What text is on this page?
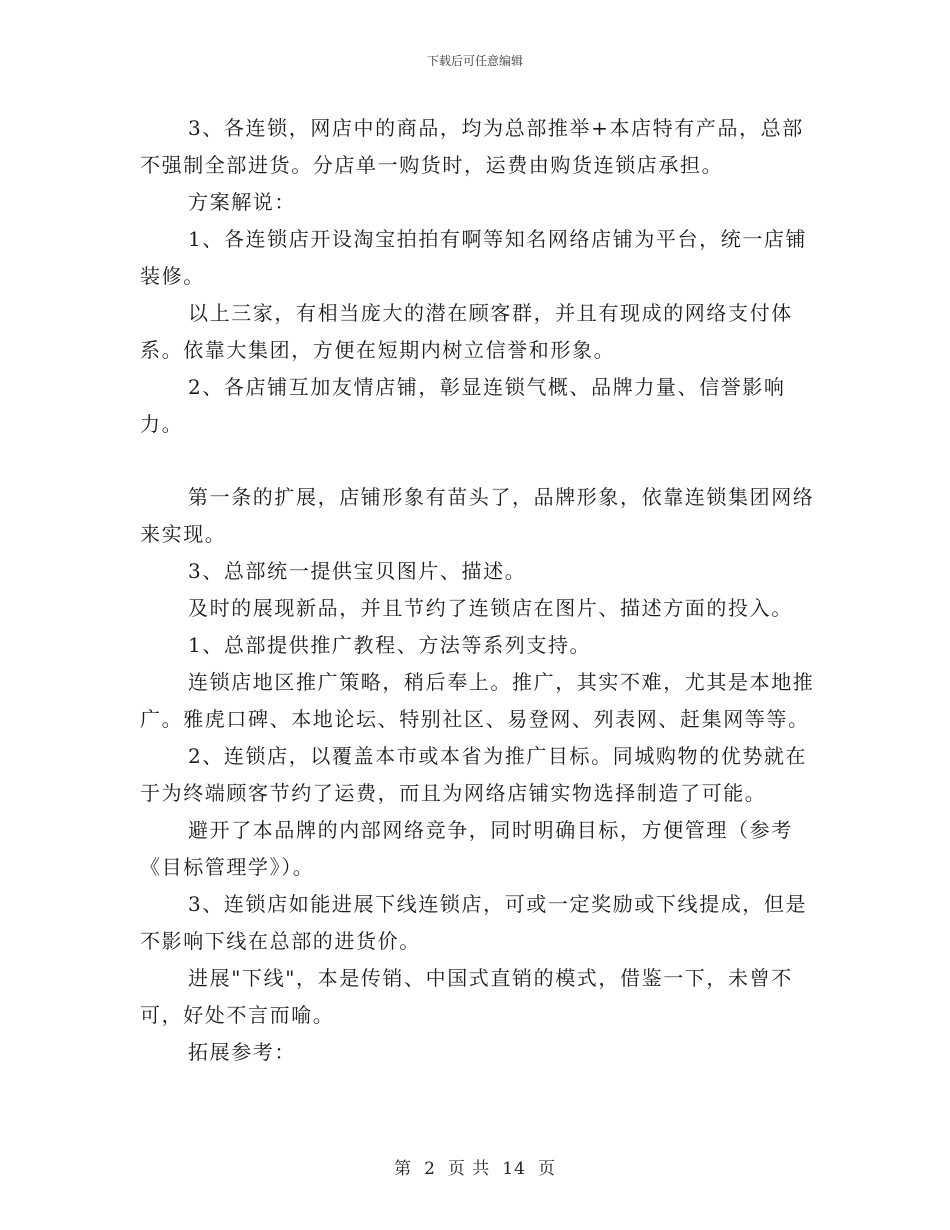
下载后可任意编辑

3、各连锁，网店中的商品，均为总部推举+本店特有产品，总部不强制全部进货。分店单一购货时，运费由购货连锁店承担。

方案解说：

1、各连锁店开设淘宝拍拍有啊等知名网络店铺为平台，统一店铺装修。

以上三家，有相当庞大的潜在顾客群，并且有现成的网络支付体系。依靠大集团，方便在短期内树立信誉和形象。

2、各店铺互加友情店铺，彰显连锁气概、品牌力量、信誉影响力。

第一条的扩展，店铺形象有苗头了，品牌形象，依靠连锁集团网络来实现。

3、总部统一提供宝贝图片、描述。

及时的展现新品，并且节约了连锁店在图片、描述方面的投入。

1、总部提供推广教程、方法等系列支持。

连锁店地区推广策略，稍后奉上。推广，其实不难，尤其是本地推广。雅虎口碑、本地论坛、特别社区、易登网、列表网、赶集网等等。

2、连锁店，以覆盖本市或本省为推广目标。同城购物的优势就在于为终端顾客节约了运费，而且为网络店铺实物选择制造了可能。

避开了本品牌的内部网络竞争，同时明确目标，方便管理（参考《目标管理学》）。

3、连锁店如能进展下线连锁店，可或一定奖励或下线提成，但是不影响下线在总部的进货价。

进展"下线"，本是传销、中国式直销的模式，借鉴一下，未曾不可，好处不言而喻。

拓展参考：

第 2 页 共 14 页
